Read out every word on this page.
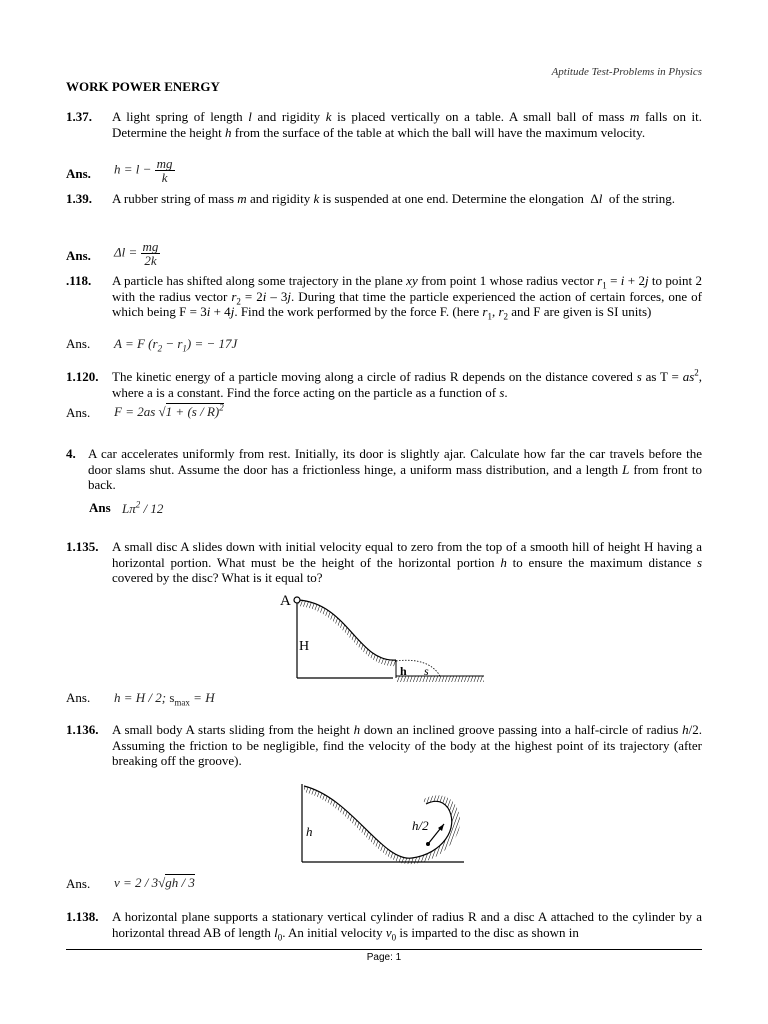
Aptitude Test-Problems in Physics
WORK POWER ENERGY
1.37. A light spring of length l and rigidity k is placed vertically on a table. A small ball of mass m falls on it. Determine the height h from the surface of the table at which the ball will have the maximum velocity.
Ans. $h = l - \frac{mg}{k}$
1.39. A rubber string of mass m and rigidity k is suspended at one end. Determine the elongation  Δl  of the string.
Ans. $\Delta l = \frac{mg}{2k}$
.118. A particle has shifted along some trajectory in the plane xy from point 1 whose radius vector $r_1 = i + 2j$ to point 2 with the radius vector $r_2 = 2i - 3j$. During that time the particle experienced the action of certain forces, one of which being F = 3i + 4j. Find the work performed by the force F. (here $r_1$, $r_2$ and F are given is SI units)
Ans. A = F $(r_2 - r_1)$ = − 17J
1.120. The kinetic energy of a particle moving along a circle of radius R depends on the distance covered s as $T = as^2$, where a is a constant. Find the force acting on the particle as a function of s.
Ans. F = 2as √1 + (s / R)$^2$
4. A car accelerates uniformly from rest. Initially, its door is slightly ajar. Calculate how far the car travels before the door slams shut. Assume the door has a frictionless hinge, a uniform mass distribution, and a length L from front to back.
Ans $L\pi^2 / 12$
1.135. A small disc A slides down with initial velocity equal to zero from the top of a smooth hill of height H having a horizontal portion. What must be the height of the horizontal portion h to ensure the maximum distance s covered by the disc? What is it equal to?
A
H
h s
Ans. h = H / 2; $s_{max} = H$
1.136. A small body A starts sliding from the height h down an inclined groove passing into a half-circle of radius h/2. Assuming the friction to be negligible, find the velocity of the body at the highest point of its trajectory (after breaking off the groove).
h	h/2
Ans. v = 2 / 3√gh / 3
1.138. A horizontal plane supports a stationary vertical cylinder of radius R and a disc A attached to the cylinder by a horizontal thread AB of length $l_0$. An initial velocity $v_0$ is imparted to the disc as shown in
Page: 1
